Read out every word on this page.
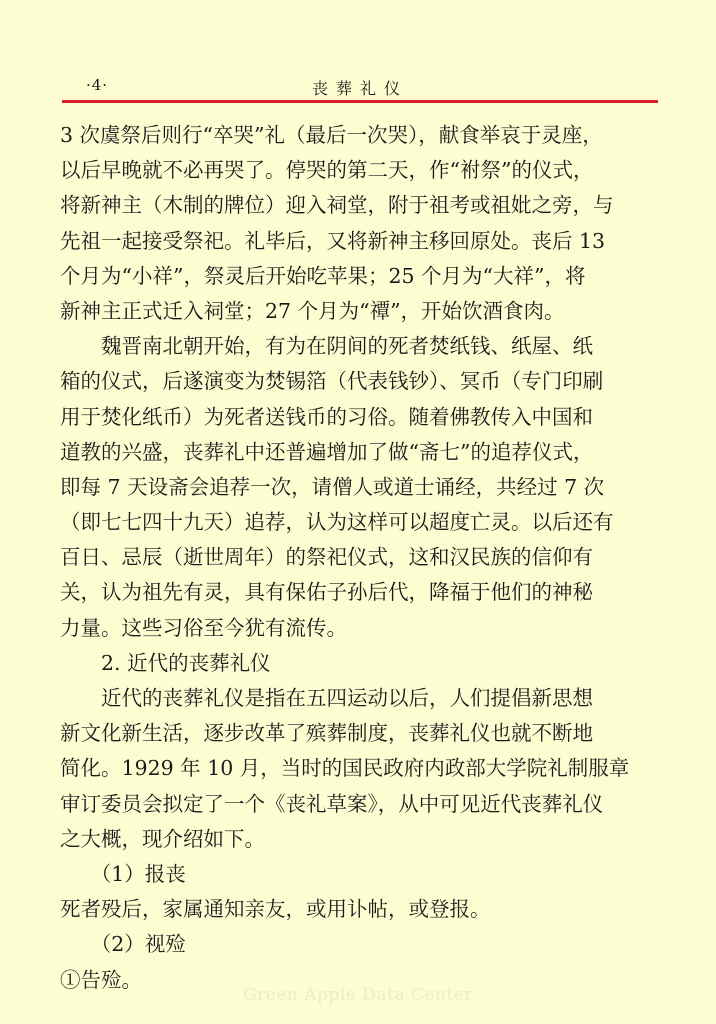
·4·	丧葬礼仪
3 次虞祭后则行“卒哭”礼（最后一次哭），献食举哀于灵座，
以后早晚就不必再哭了。停哭的第二天，作“祔祭”的仪式，
将新神主（木制的牌位）迎入祠堂，附于祖考或祖妣之旁，与
先祖一起接受祭祀。礼毕后，又将新神主移回原处。丧后 13
个月为“小祥”，祭灵后开始吃苹果；25 个月为“大祥”，将
新神主正式迁入祠堂；27 个月为“禫”，开始饮酒食肉。
　　魏晋南北朝开始，有为在阴间的死者焚纸钱、纸屋、纸
箱的仪式，后遂演变为焚锡箔（代表钱钞）、冥币（专门印刷
用于焚化纸币）为死者送钱币的习俗。随着佛教传入中国和
道教的兴盛，丧葬礼中还普遍增加了做“斋七”的追荐仪式，
即每 7 天设斋会追荐一次，请僧人或道士诵经，共经过 7 次
（即七七四十九天）追荐，认为这样可以超度亡灵。以后还有
百日、忌辰（逝世周年）的祭祀仪式，这和汉民族的信仰有
关，认为祖先有灵，具有保佑子孙后代，降福于他们的神秘
力量。这些习俗至今犹有流传。
　　2. 近代的丧葬礼仪
　　近代的丧葬礼仪是指在五四运动以后，人们提倡新思想
新文化新生活，逐步改革了殡葬制度，丧葬礼仪也就不断地
简化。1929 年 10 月，当时的国民政府内政部大学院礼制服章
审订委员会拟定了一个《丧礼草案》，从中可见近代丧葬礼仪
之大概，现介绍如下。
　　（1）报丧
死者殁后，家属通知亲友，或用讣帖，或登报。
　　（2）视殓
①告殓。
Green Apple Data Center
